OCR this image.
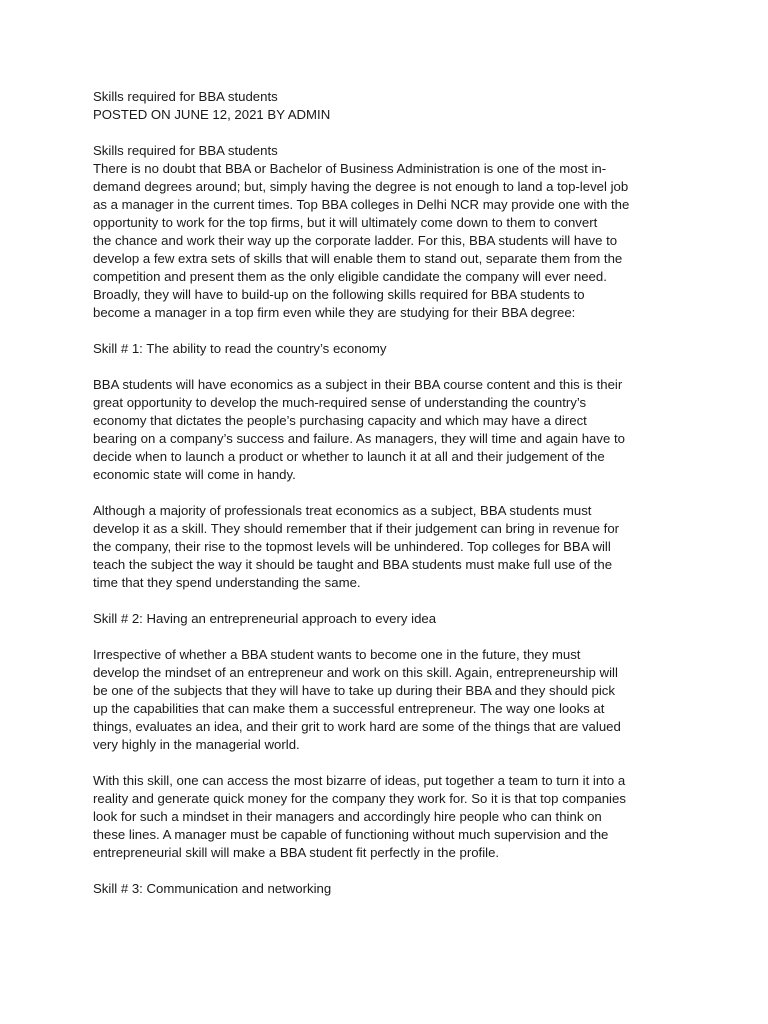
Skills required for BBA students
POSTED ON JUNE 12, 2021 BY ADMIN
Skills required for BBA students
There is no doubt that BBA or Bachelor of Business Administration is one of the most in-
demand degrees around; but, simply having the degree is not enough to land a top-level job
as a manager in the current times. Top BBA colleges in Delhi NCR may provide one with the
opportunity to work for the top firms, but it will ultimately come down to them to convert
the chance and work their way up the corporate ladder. For this, BBA students will have to
develop a few extra sets of skills that will enable them to stand out, separate them from the
competition and present them as the only eligible candidate the company will ever need.
Broadly, they will have to build-up on the following skills required for BBA students to
become a manager in a top firm even while they are studying for their BBA degree:
Skill # 1: The ability to read the country’s economy
BBA students will have economics as a subject in their BBA course content and this is their
great opportunity to develop the much-required sense of understanding the country’s
economy that dictates the people’s purchasing capacity and which may have a direct
bearing on a company’s success and failure. As managers, they will time and again have to
decide when to launch a product or whether to launch it at all and their judgement of the
economic state will come in handy.
Although a majority of professionals treat economics as a subject, BBA students must
develop it as a skill. They should remember that if their judgement can bring in revenue for
the company, their rise to the topmost levels will be unhindered. Top colleges for BBA will
teach the subject the way it should be taught and BBA students must make full use of the
time that they spend understanding the same.
Skill # 2: Having an entrepreneurial approach to every idea
Irrespective of whether a BBA student wants to become one in the future, they must
develop the mindset of an entrepreneur and work on this skill. Again, entrepreneurship will
be one of the subjects that they will have to take up during their BBA and they should pick
up the capabilities that can make them a successful entrepreneur. The way one looks at
things, evaluates an idea, and their grit to work hard are some of the things that are valued
very highly in the managerial world.
With this skill, one can access the most bizarre of ideas, put together a team to turn it into a
reality and generate quick money for the company they work for. So it is that top companies
look for such a mindset in their managers and accordingly hire people who can think on
these lines. A manager must be capable of functioning without much supervision and the
entrepreneurial skill will make a BBA student fit perfectly in the profile.
Skill # 3: Communication and networking
